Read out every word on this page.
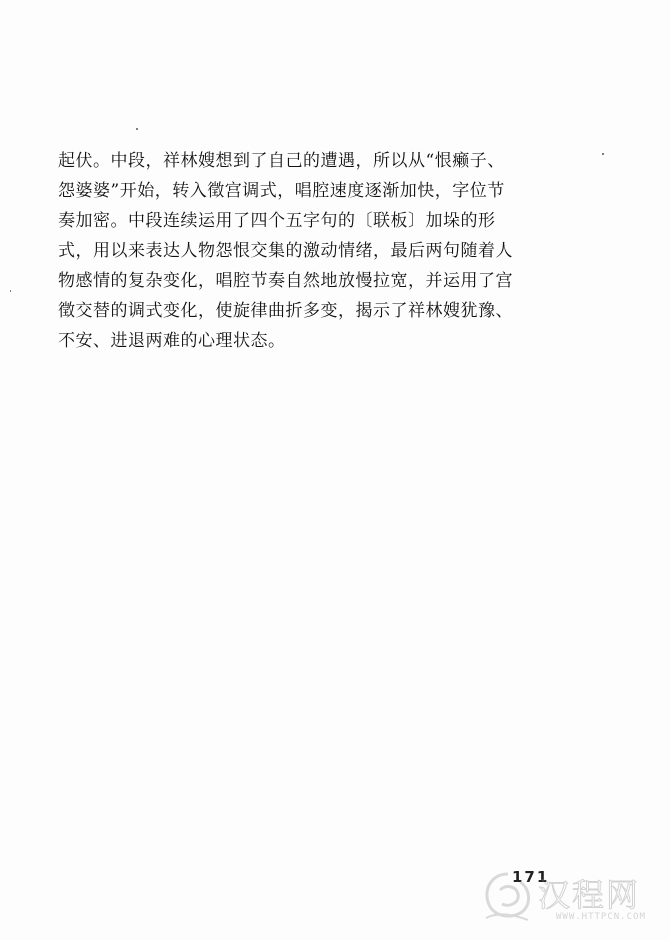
起伏。中段，祥林嫂想到了自己的遭遇，所以从“恨癞子、
怨婆婆”开始，转入徵宫调式，唱腔速度逐渐加快，字位节
奏加密。中段连续运用了四个五字句的〔联板〕加垛的形
式，用以来表达人物怨恨交集的激动情绪，最后两句随着人
物感情的复杂变化，唱腔节奏自然地放慢拉宽，并运用了宫
徵交替的调式变化，使旋律曲折多变，揭示了祥林嫂犹豫、
不安、进退两难的心理状态。
171
汉程网
WWW.HTTPCN.COM
